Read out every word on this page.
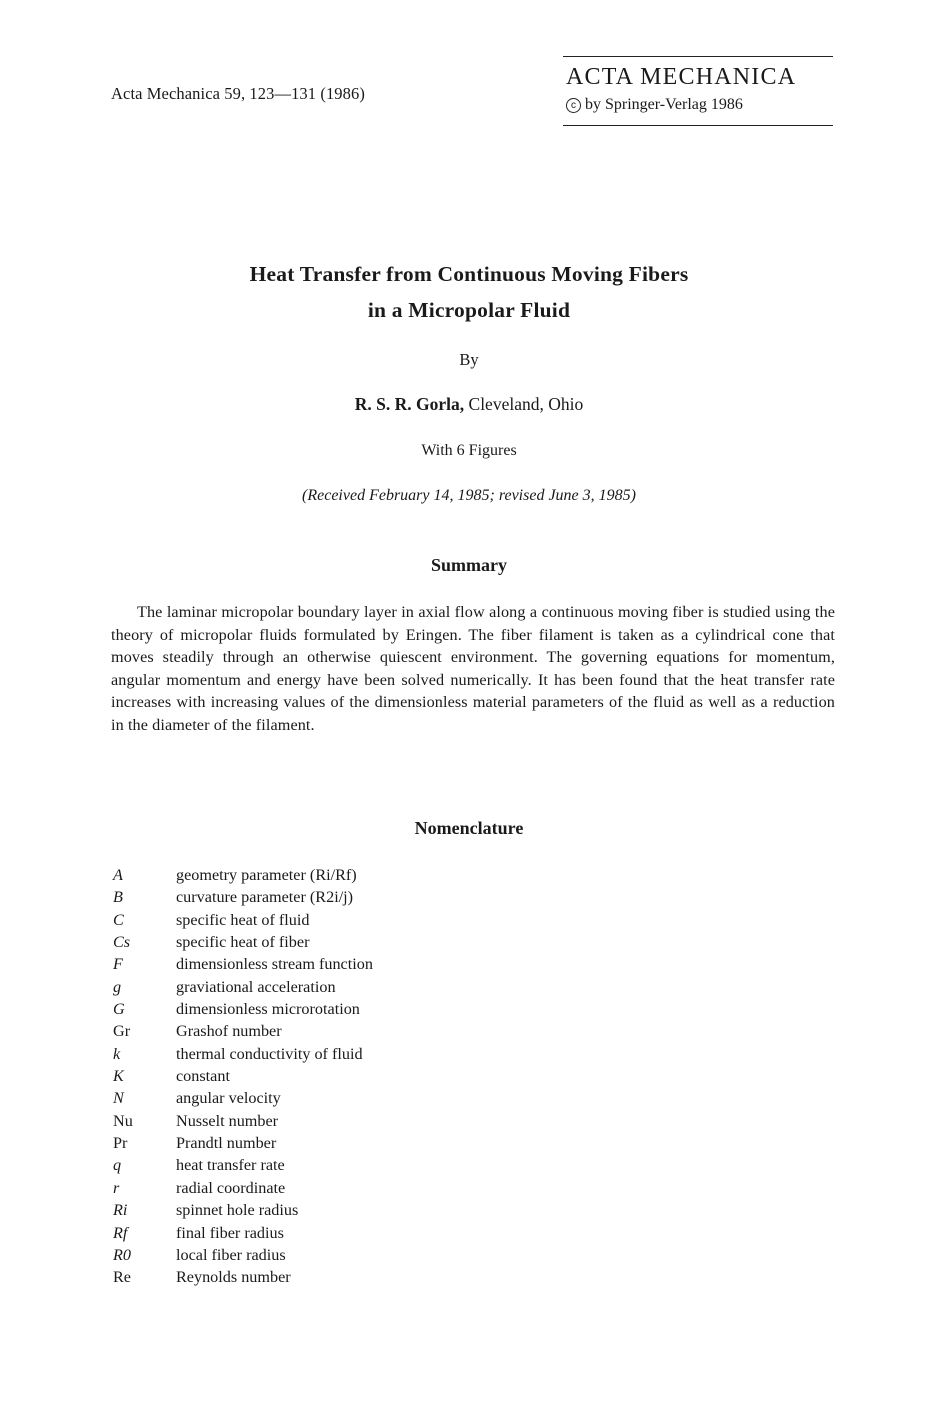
Acta Mechanica 59, 123—131 (1986)
ACTA MECHANICA
c by Springer-Verlag 1986
Heat Transfer from Continuous Moving Fibers
in a Micropolar Fluid
By
R. S. R. Gorla, Cleveland, Ohio
With 6 Figures
(Received February 14, 1985; revised June 3, 1985)
Summary
The laminar micropolar boundary layer in axial flow along a continuous moving fiber is studied using the theory of micropolar fluids formulated by Eringen. The fiber filament is taken as a cylindrical cone that moves steadily through an otherwise quiescent environment. The governing equations for momentum, angular momentum and energy have been solved numerically. It has been found that the heat transfer rate increases with increasing values of the dimensionless material parameters of the fluid as well as a reduction in the diameter of the filament.
Nomenclature
A	geometry parameter (Ri/Rf)
B	curvature parameter (R2i/j)
C	specific heat of fluid
Cs	specific heat of fiber
F	dimensionless stream function
g	graviational acceleration
G	dimensionless microrotation
Gr	Grashof number
k	thermal conductivity of fluid
K	constant
N	angular velocity
Nu	Nusselt number
Pr	Prandtl number
q	heat transfer rate
r	radial coordinate
Ri	spinnet hole radius
Rf	final fiber radius
R0	local fiber radius
Re	Reynolds number
